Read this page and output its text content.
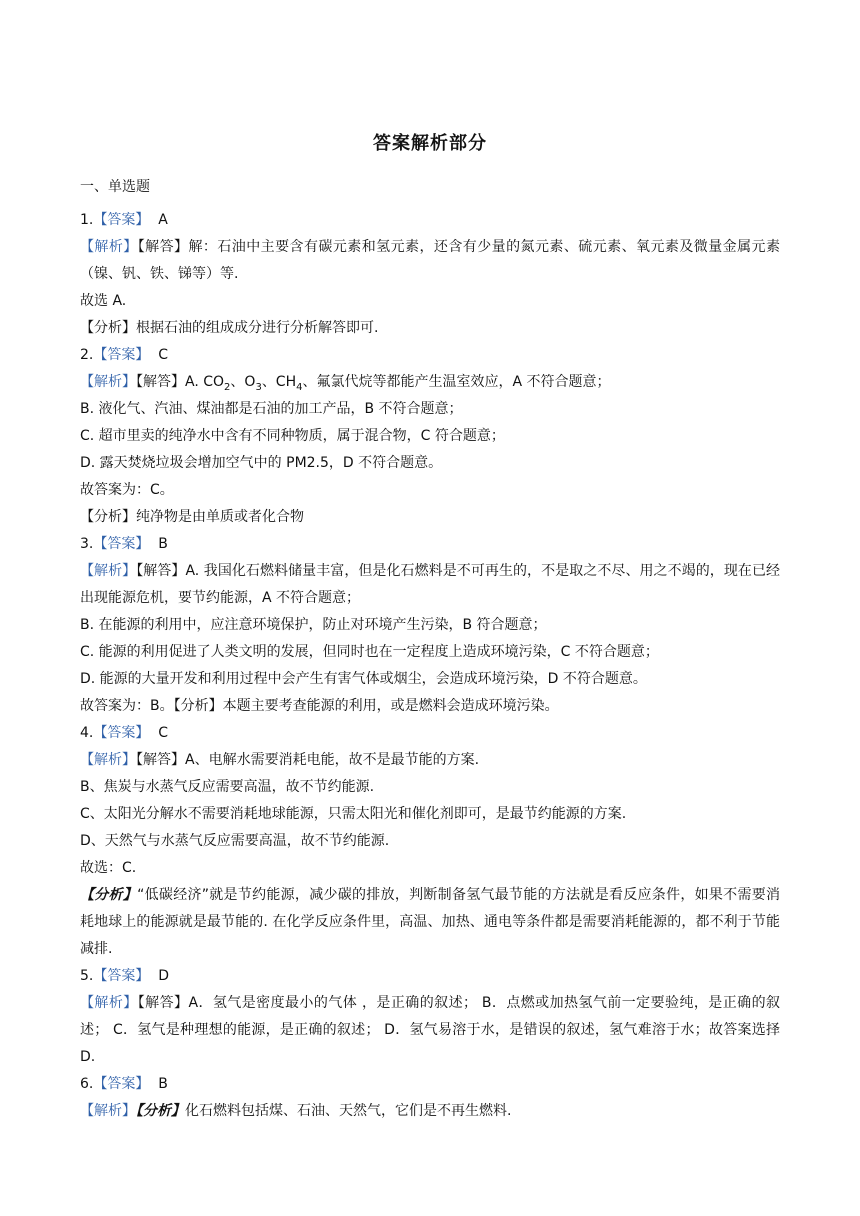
答案解析部分
一、单选题
1.【答案】 A
【解析】【解答】解：石油中主要含有碳元素和氢元素，还含有少量的氮元素、硫元素、氧元素及微量金属元素（镍、钒、铁、锑等）等.
故选 A.
【分析】根据石油的组成成分进行分析解答即可.
2.【答案】 C
【解析】【解答】A. $CO_2$、$O_3$、$CH_4$、氟氯代烷等都能产生温室效应，A 不符合题意；
B. 液化气、汽油、煤油都是石油的加工产品，B 不符合题意；
C. 超市里卖的纯净水中含有不同种物质，属于混合物，C 符合题意；
D. 露天焚烧垃圾会增加空气中的 PM2.5，D 不符合题意。
故答案为：C。
【分析】纯净物是由单质或者化合物
3.【答案】 B
【解析】【解答】A. 我国化石燃料储量丰富，但是化石燃料是不可再生的，不是取之不尽、用之不竭的，现在已经出现能源危机，要节约能源，A 不符合题意；
B. 在能源的利用中，应注意环境保护，防止对环境产生污染，B 符合题意；
C. 能源的利用促进了人类文明的发展，但同时也在一定程度上造成环境污染，C 不符合题意；
D. 能源的大量开发和利用过程中会产生有害气体或烟尘，会造成环境污染，D 不符合题意。
故答案为：B。【分析】本题主要考查能源的利用，或是燃料会造成环境污染。
4.【答案】 C
【解析】【解答】A、电解水需要消耗电能，故不是最节能的方案.
B、焦炭与水蒸气反应需要高温，故不节约能源.
C、太阳光分解水不需要消耗地球能源，只需太阳光和催化剂即可，是最节约能源的方案.
D、天然气与水蒸气反应需要高温，故不节约能源.
故选：C.
【分析】“低碳经济”就是节约能源，减少碳的排放，判断制备氢气最节能的方法就是看反应条件，如果不需要消耗地球上的能源就是最节能的. 在化学反应条件里，高温、加热、通电等条件都是需要消耗能源的，都不利于节能减排.
5.【答案】 D
【解析】【解答】A．氢气是密度最小的气体 ，是正确的叙述； B．点燃或加热氢气前一定要验纯，是正确的叙述； C．氢气是种理想的能源，是正确的叙述； D．氢气易溶于水，是错误的叙述，氢气难溶于水；故答案选择 D.
6.【答案】 B
【解析】【分析】化石燃料包括煤、石油、天然气，它们是不再生燃料.
